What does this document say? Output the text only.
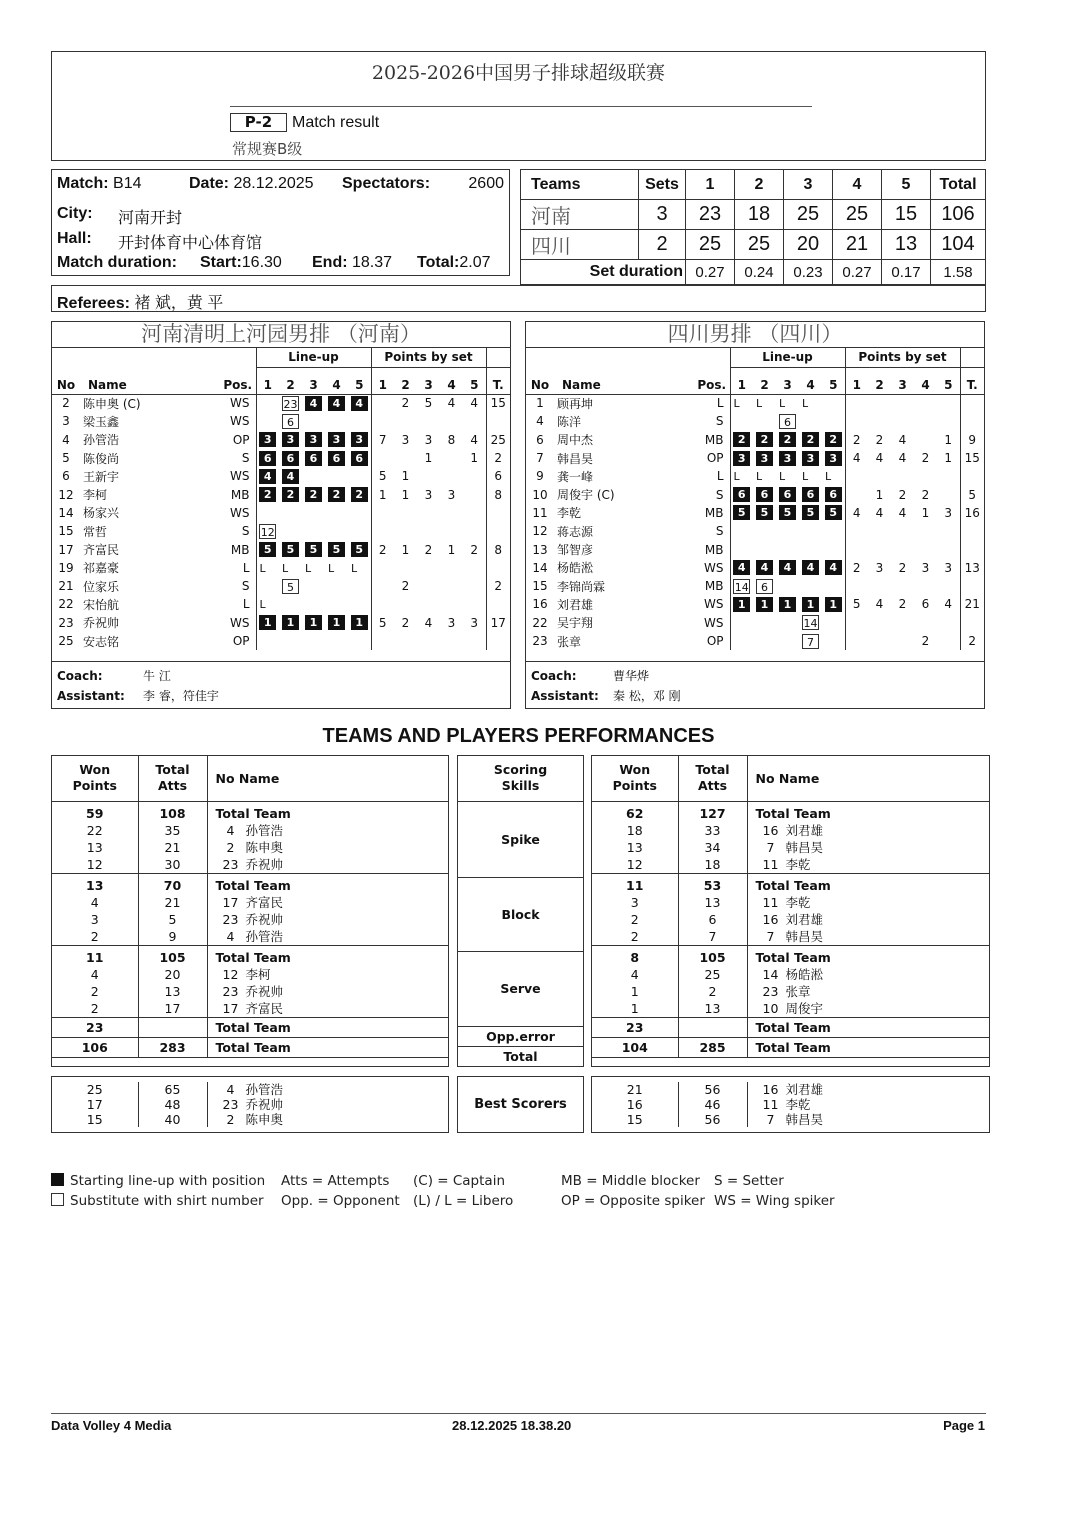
2025-2026中国男子排球超级联赛
P-2	Match result
常规赛B级
Match: B14	Date: 28.12.2025 Spectators: 2600
City: 河南开封
Hall: 开封体育中心体育馆
Match duration: Start:16.30 End: 18.37 Total:2.07
Teams	Sets	1	2	3	4	5	Total
河南	3	23	18	25	25	15	106
四川	2	25	25	20	21	13	104
Set duration		0.27	0.24	0.23	0.27	0.17	1.58
Referees: 褚 斌，黄 平
河南清明上河园男排 （河南）
			Line-up					Points by set					
No	Name	Pos.	1	2	3	4	5	1	2	3	4	5	T.
2	陈申奥 (C)	WS		23	4	4	4		2	5	4	4	15
3	梁玉鑫	WS		6									
4	孙管浩	OP	3	3	3	3	3	7	3	3	8	4	25
5	陈俊尚	S	6	6	6	6	6			1		1	2
6	王新宇	WS	4	4				5	1				6
12	李柯	MB	2	2	2	2	2	1	1	3	3		8
14	杨家兴	WS											
15	常哲	S	12										
17	齐富民	MB	5	5	5	5	5	2	1	2	1	2	8
19	祁嘉豪	L	L	L	L	L	L						
21	位家乐	S		5					2				2
22	宋怡航	L	L										
23	乔祝帅	WS	1	1	1	1	1	5	2	4	3	3	17
25	安志铭	OP											
Coach:	牛 江
Assistant: 李 睿，符佳宇
四川男排 （四川）
			Line-up					Points by set					
No	Name	Pos.	1	2	3	4	5	1	2	3	4	5	T.
1	顾再坤	L	L	L	L	L							
4	陈洋	S			6								
6	周中杰	MB	2	2	2	2	2	2	2	4		1	9
7	韩昌昊	OP	3	3	3	3	3	4	4	4	2	1	15
9	龚一峰	L	L	L	L	L	L						
10	周俊宇 (C)	S	6	6	6	6	6		1	2	2		5
11	李乾	MB	5	5	5	5	5	4	4	4	1	3	16
12	蒋志源	S											
13	邹智彦	MB											
14	杨皓淞	WS	4	4	4	4	4	2	3	2	3	3	13
15	李锦尚霖	MB	14	6									
16	刘君雄	WS	1	1	1	1	1	5	4	2	6	4	21
22	吴宇翔	WS				14							
23	张章	OP				7					2		2
Coach:	曹华烨
Assistant: 秦 松，邓 刚
TEAMS AND PLAYERS PERFORMANCES
Won Points	Total Atts	No Name
59	108	Total Team
22	35	4 孙管浩
13	21	2 陈申奥
12	30	23 乔祝帅
13	70	Total Team
4	21	17 齐富民
3	5	23 乔祝帅
2	9	4 孙管浩
11	105	Total Team
4	20	12 李柯
2	13	23 乔祝帅
2	17	17 齐富民
23		Total Team
106	283	Total Team
Scoring Skills
Spike
Block
Serve
Opp.error
Total
Won Points	Total Atts	No Name
62	127	Total Team
18	33	16 刘君雄
13	34	7 韩昌昊
12	18	11 李乾
11	53	Total Team
3	13	11 李乾
2	6	16 刘君雄
2	7	7 韩昌昊
8	105	Total Team
4	25	14 杨皓淞
1	2	23 张章
1	13	10 周俊宇
23		Total Team
104	285	Total Team

25	65	4 孙管浩
17	48	23 乔祝帅
15	40	2 陈申奥
Best Scorers

21	56	16 刘君雄
16	46	11 李乾
15	56	7 韩昌昊
Starting line-up with position
Substitute with shirt number
Atts = Attempts
Opp. = Opponent
(C) = Captain
(L) / L = Libero
MB = Middle blocker
OP = Opposite spiker
S = Setter
WS = Wing spiker
Data Volley 4 Media	28.12.2025 18.38.20	Page 1
